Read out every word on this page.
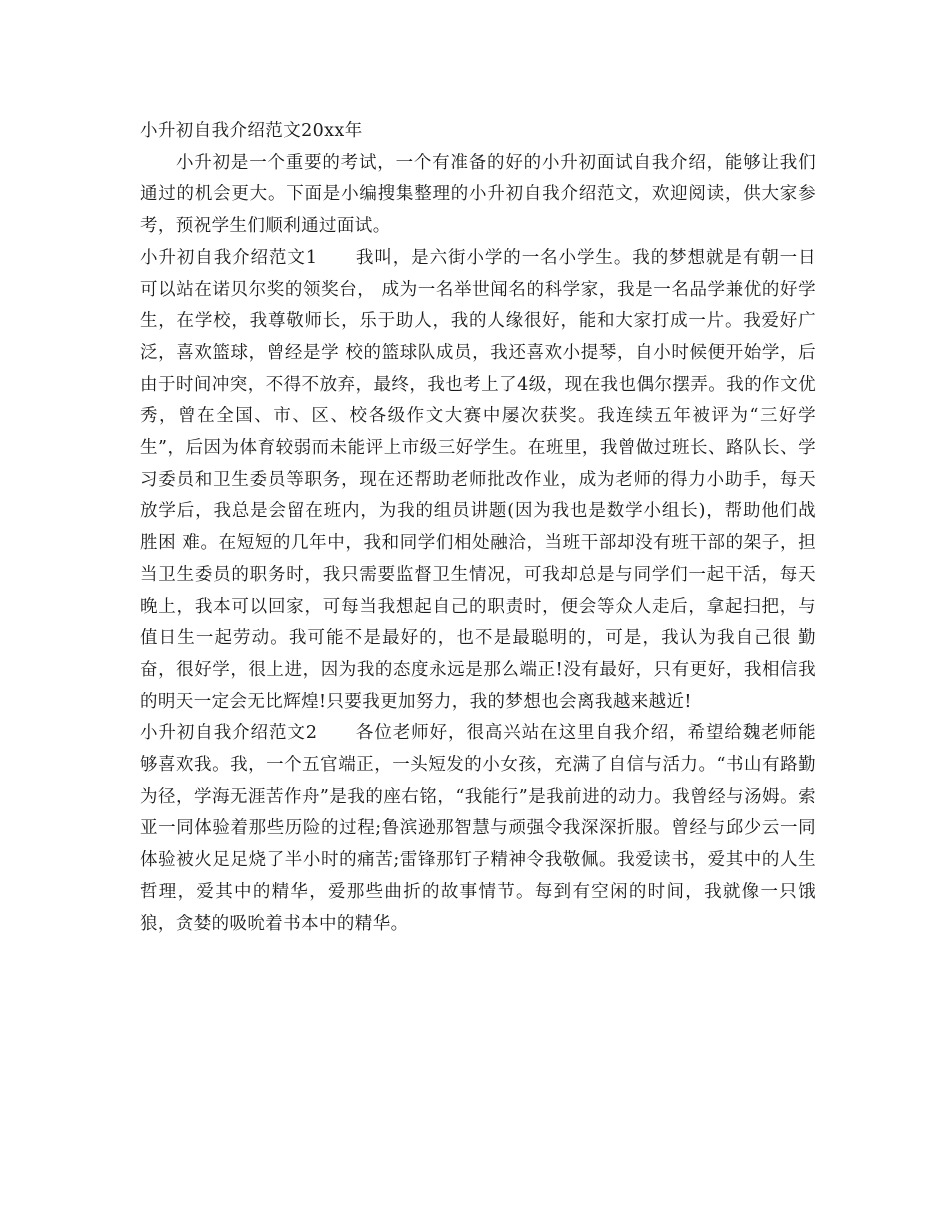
小升初自我介绍范文20xx年

小升初是一个重要的考试，一个有准备的好的小升初面试自我介绍，能够让我们通过的机会更大。下面是小编搜集整理的小升初自我介绍范文，欢迎阅读，供大家参考，预祝学生们顺利通过面试。

小升初自我介绍范文1 我叫，是六街小学的一名小学生。我的梦想就是有朝一日可以站在诺贝尔奖的领奖台， 成为一名举世闻名的科学家，我是一名品学兼优的好学生，在学校，我尊敬师长，乐于助人，我的人缘很好，能和大家打成一片。我爱好广泛，喜欢篮球，曾经是学 校的篮球队成员，我还喜欢小提琴，自小时候便开始学，后由于时间冲突，不得不放弃，最终，我也考上了4级，现在我也偶尔摆弄。我的作文优秀，曾在全国、市、区、校各级作文大赛中屡次获奖。我连续五年被评为“三好学生”，后因为体育较弱而未能评上市级三好学生。在班里，我曾做过班长、路队长、学习委员和卫生委员等职务，现在还帮助老师批改作业，成为老师的得力小助手，每天放学后，我总是会留在班内，为我的组员讲题(因为我也是数学小组长)，帮助他们战胜困 难。在短短的几年中，我和同学们相处融洽，当班干部却没有班干部的架子，担当卫生委员的职务时，我只需要监督卫生情况，可我却总是与同学们一起干活，每天 晚上，我本可以回家，可每当我想起自己的职责时，便会等众人走后，拿起扫把，与值日生一起劳动。我可能不是最好的，也不是最聪明的，可是，我认为我自己很 勤奋，很好学，很上进，因为我的态度永远是那么端正!没有最好，只有更好，我相信我的明天一定会无比辉煌!只要我更加努力，我的梦想也会离我越来越近!

小升初自我介绍范文2 各位老师好，很高兴站在这里自我介绍，希望给魏老师能够喜欢我。我，一个五官端正，一头短发的小女孩，充满了自信与活力。“书山有路勤为径，学海无涯苦作舟”是我的座右铭，“我能行”是我前进的动力。我曾经与汤姆。索亚一同体验着那些历险的过程;鲁滨逊那智慧与顽强令我深深折服。曾经与邱少云一同体验被火足足烧了半小时的痛苦;雷锋那钉子精神令我敬佩。我爱读书，爱其中的人生哲理，爱其中的精华，爱那些曲折的故事情节。每到有空闲的时间，我就像一只饿狼，贪婪的吸吮着书本中的精华。
